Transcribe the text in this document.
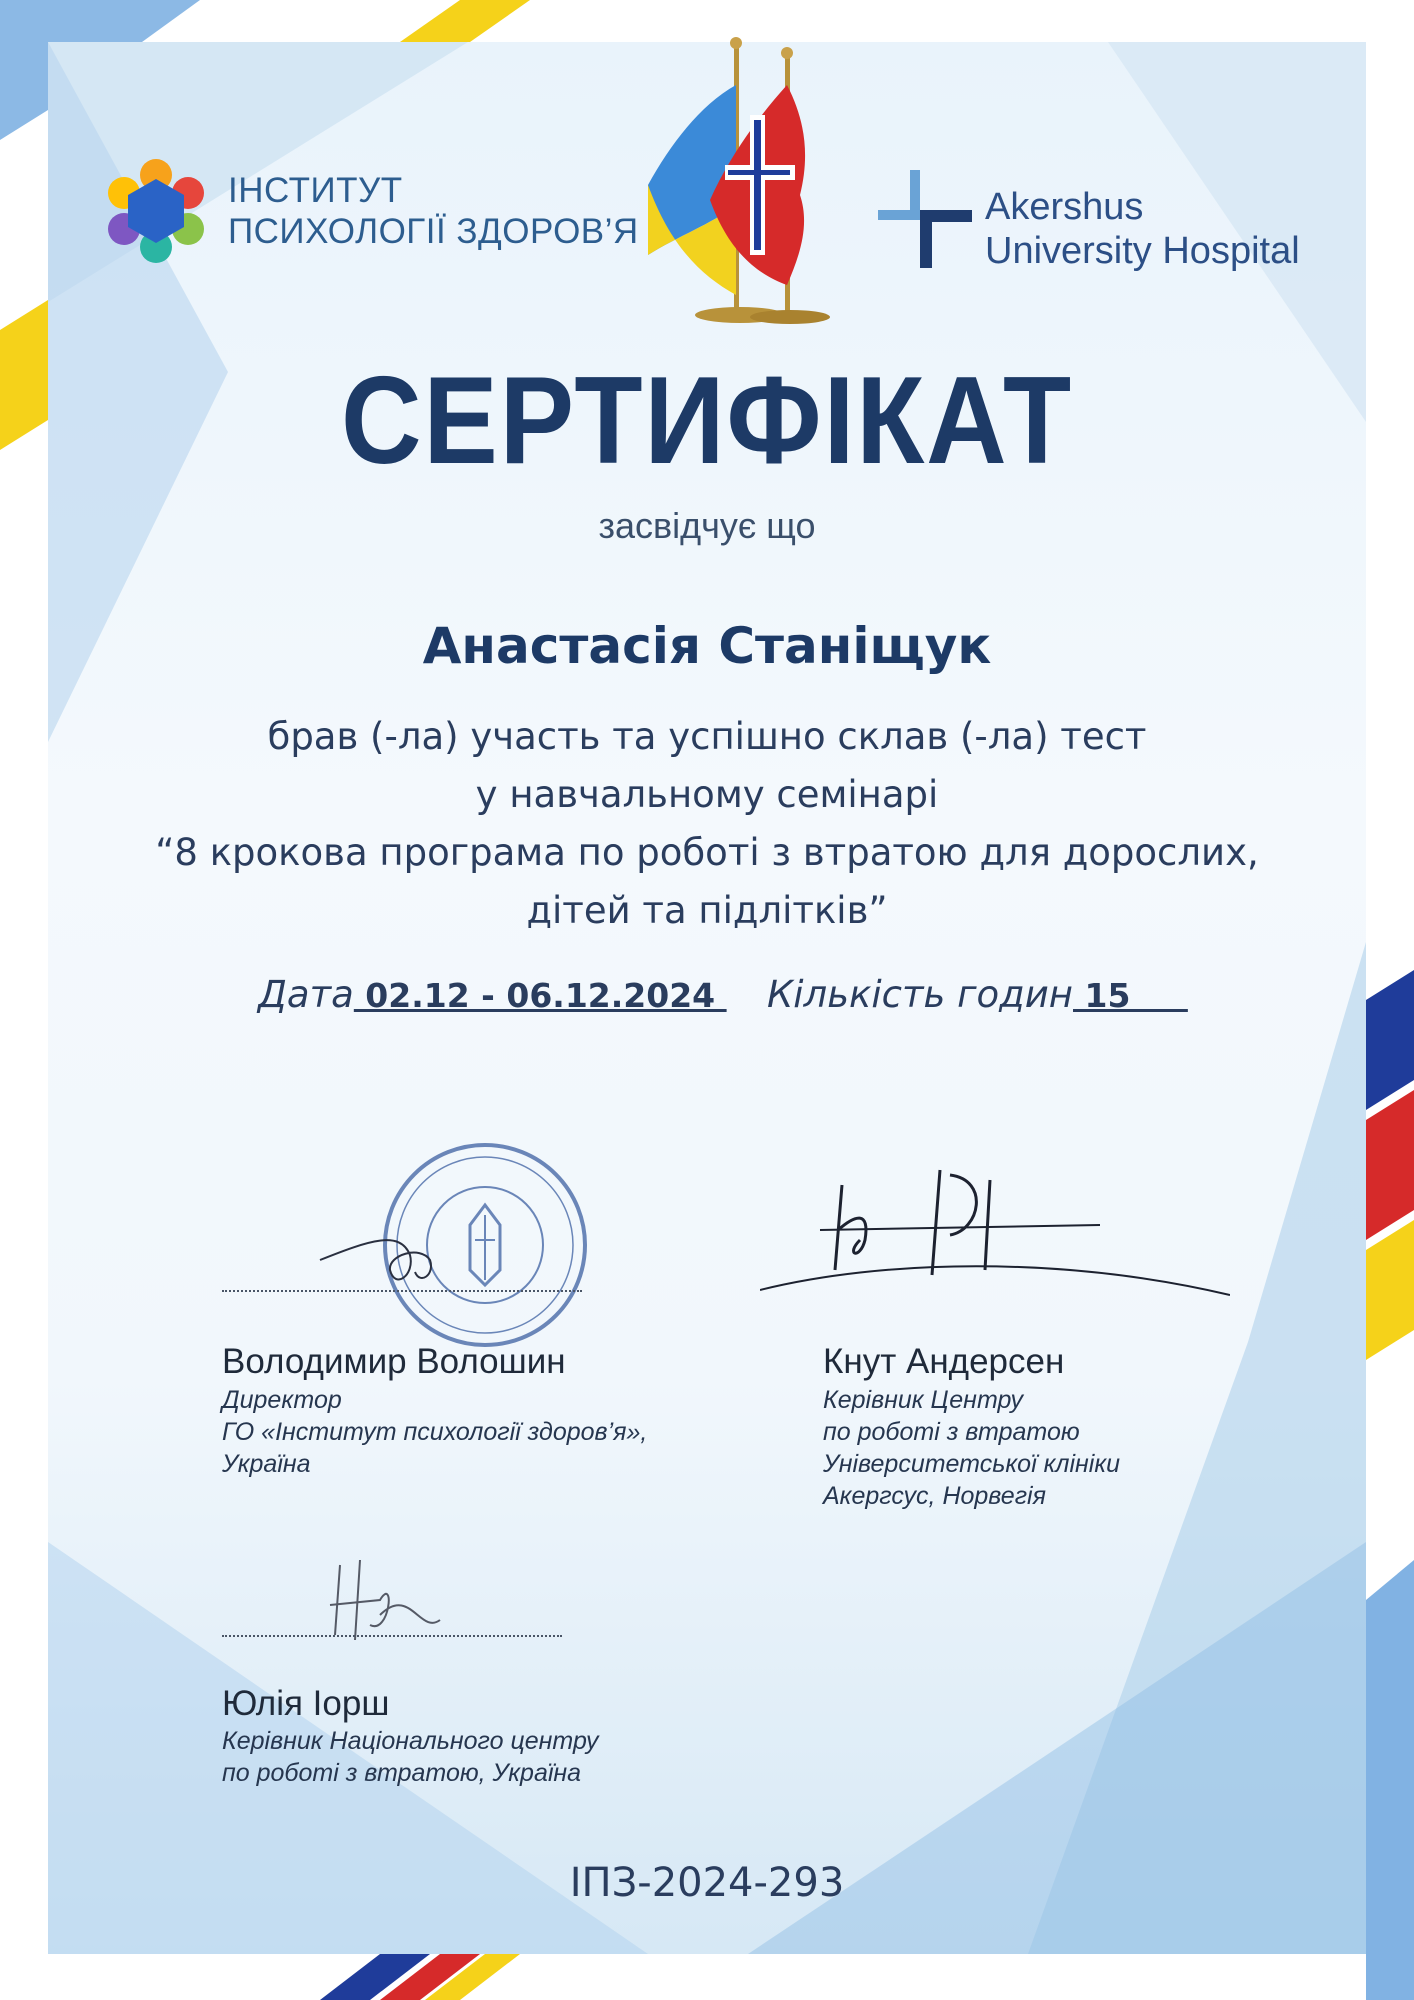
ІНСТИТУТ
ПСИХОЛОГІЇ ЗДОРОВ’Я
Akershus
University Hospital
СЕРТИФІКАТ
засвідчує що
Анастасія Станіщук
брав (-ла) участь та успішно склав (-ла) тест
у навчальному семінарі
“8 крокова програма по роботі з втратою для дорослих,
дітей та підлітків”
Дата 02.12 - 06.12.2024 Кількість годин 15
Володимир Волошин
Директор
ГО «Інститут психології здоров’я»,
Україна
Кнут Андерсен
Керівник Центру
по роботі з втратою
Університетської клініки
Акергсус, Норвегія
Юлія Іорш
Керівник Національного центру
по роботі з втратою, Україна
ІПЗ-2024-293
